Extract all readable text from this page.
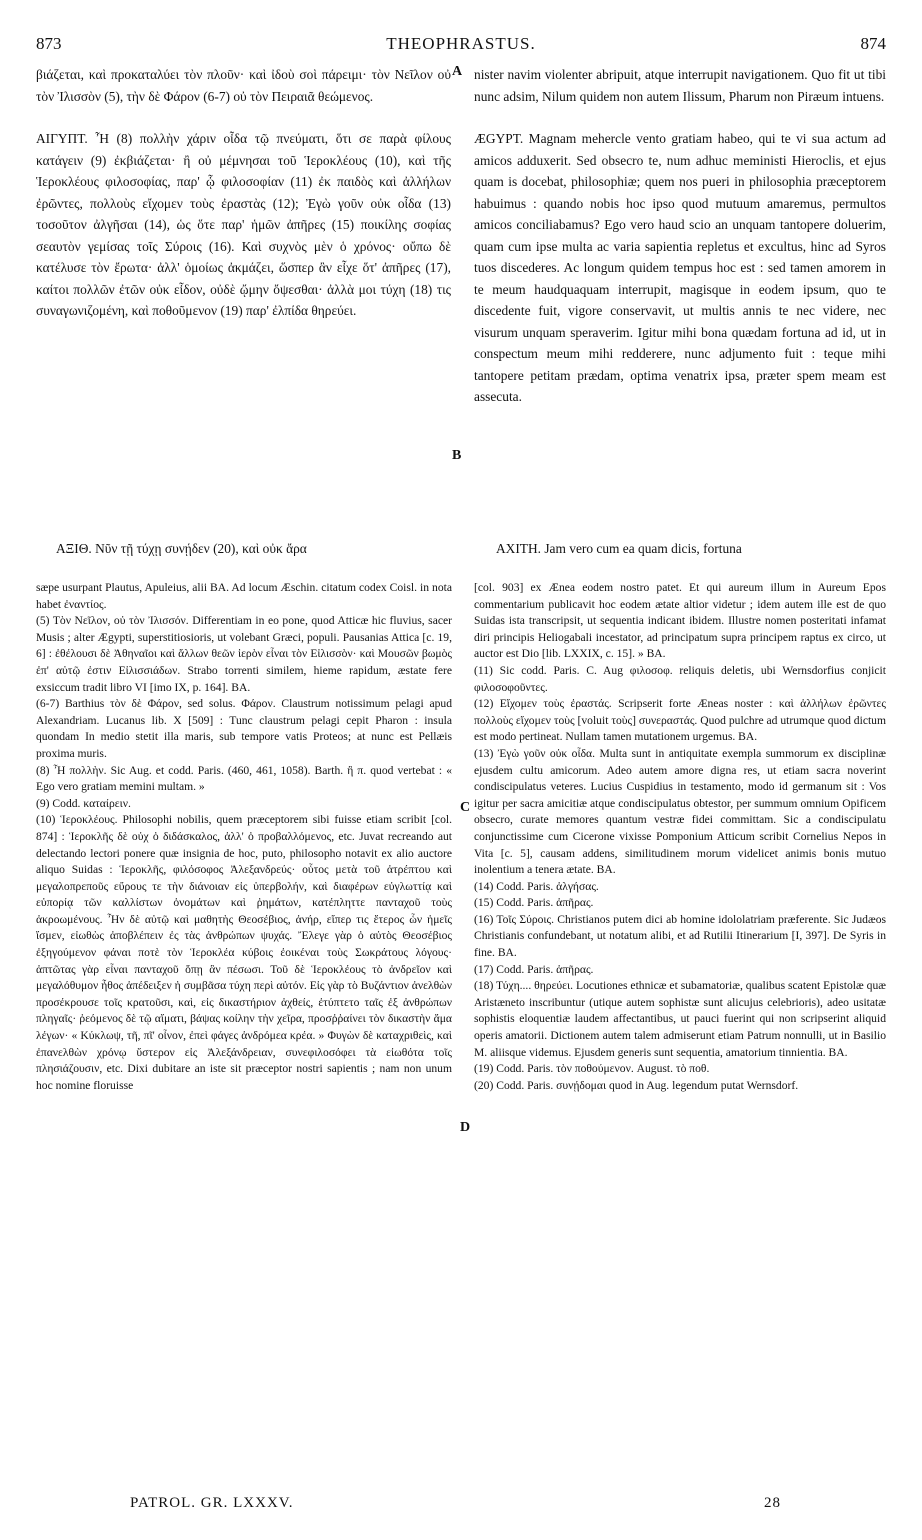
873	THEOPHRASTUS.	874

βιάζεται, καὶ προκαταλύει τὸν πλοῦν· καὶ ἰδοὺ σοὶ πάρειμι· τὸν Νεῖλον οὐ τὸν Ἰλισσὸν (5), τὴν δὲ Φάρον (6-7) οὐ τὸν Πειραιᾶ θεώμενος.

ΑΙΓΥΠΤ. Ἦ (8) πολλὴν χάριν οἶδα τῷ πνεύματι, ὅτι σε παρὰ φίλους κατάγειν (9) ἐκβιάζεται· ἢ οὐ μέμνησαι τοῦ Ἱεροκλέους (10), καὶ τῆς Ἱεροκλέους φιλοσοφίας, παρ' ᾧ φιλοσοφίαν (11) ἐκ παιδὸς καὶ ἀλλήλων ἐρῶντες, πολλοὺς εἴχομεν τοὺς ἐραστὰς (12); Ἐγὼ γοῦν οὐκ οἶδα (13) τοσοῦτον ἀλγῆσαι (14), ὡς ὅτε παρ' ἡμῶν ἀπῆρες (15) ποικίλης σοφίας σεαυτὸν γεμίσας τοῖς Σύροις (16). Καὶ συχνὸς μὲν ὁ χρόνος· οὔπω δὲ κατέλυσε τὸν ἔρωτα· ἀλλ' ὁμοίως ἀκμάζει, ὥσπερ ἂν εἶχε ὅτ' ἀπῆρες (17), καίτοι πολλῶν ἐτῶν οὐκ εἶδον, οὐδὲ ᾤμην ὄψεσθαι· ἀλλὰ μοι τύχη (18) τις συναγωνιζομένη, καὶ ποθοῦμενον (19) παρ' ἐλπίδα θηρεύει.

nister navim violenter abripuit, atque interrupit navigationem. Quo fit ut tibi nunc adsim, Nilum quidem non autem Ilissum, Pharum non Piræum intuens.

ÆGYPT. Magnam mehercle vento gratiam habeo, qui te vi sua actum ad amicos adduxerit. Sed obsecro te, num adhuc meministi Hieroclis, et ejus quam is docebat, philosophiæ; quem nos pueri in philosophia præceptorem habuimus : quando nobis hoc ipso quod mutuum amaremus, permultos amicos conciliabamus? Ego vero haud scio an unquam tantopere doluerim, quam cum ipse multa ac varia sapientia repletus et excultus, hinc ad Syros tuos discederes. Ac longum quidem tempus hoc est : sed tamen amorem in te meum haudquaquam interrupit, magisque in eodem ipsum, quo te discedente fuit, vigore conservavit, ut multis annis te nec videre, nec visurum unquam speraverim. Igitur mihi bona quædam fortuna ad id, ut in conspectum meum mihi redderere, nunc adjumento fuit : teque mihi tantopere petitam prædam, optima venatrix ipsa, præter spem meam est assecuta.

ΑΞΙΘ. Νῦν τῇ τύχῃ συνῄδεν (20), καὶ οὐκ ἄρα	AXITH. Jam vero cum ea quam dicis, fortuna

A
B
C
D

sæpe usurpant Plautus, Apuleius, alii BA. Ad locum Æschin. citatum codex Coisl. in nota habet ἐναντίος.

(5) Τὸν Νεῖλον, οὐ τὸν Ἰλισσόν. Differentiam in eo pone, quod Atticæ hic fluvius, sacer Musis ; alter Ægypti, superstitiosioris, ut volebant Græci, populi. Pausanias Attica [c. 19, 6] : ἐθέλουσι δὲ Ἀθηναῖοι καὶ ἄλλων θεῶν ἱερὸν εἶναι τὸν Εἰλισσὸν· καὶ Μουσῶν βωμὸς ἐπ' αὐτῷ ἐστιν Εἰλισσιάδων. Strabo torrenti similem, hieme rapidum, æstate fere exsiccum tradit libro VI [imo IX, p. 164]. BA.

(6-7) Barthius τὸν δὲ Φάρον, sed solus. Φάρον. Claustrum notissimum pelagi apud Alexandriam. Lucanus lib. X [509] : Tunc claustrum pelagi cepit Pharon : insula quondam In medio stetit illa maris, sub tempore vatis Proteos; at nunc est Pellæis proxima muris.

(8) Ἦ πολλὴν. Sic Aug. et codd. Paris. (460, 461, 1058). Barth. ἢ π. quod vertebat : « Ego vero gratiam memini multam. »

(9) Codd. καταίρειν.

(10) Ἱεροκλέους. Philosophi nobilis, quem præceptorem sibi fuisse etiam scribit [col. 874] : Ἱεροκλῆς δὲ οὐχ ὁ διδάσκαλος, ἀλλ' ὁ προβαλλόμενος, etc. Juvat recreando aut delectando lectori ponere quæ insignia de hoc, puto, philosopho notavit ex alio auctore aliquo Suidas : Ἱεροκλῆς, φιλόσοφος Ἀλεξανδρεύς· οὗτος μετὰ τοῦ ἀτρέπτου καὶ μεγαλοπρεποῦς εὔρους τε τὴν διάνοιαν εἰς ὑπερβολήν, καὶ διαφέρων εὐγλωττίᾳ καὶ εὐπορίᾳ τῶν καλλίστων ὀνομάτων καὶ ῥημάτων, κατέπληττε πανταχοῦ τοὺς ἀκροωμένους. Ἦν δὲ αὐτῷ καὶ μαθητὴς Θεοσέβιος, ἀνήρ, εἴπερ τις ἕτερος ὧν ἡμεῖς ἴσμεν, εἰωθὼς ἀποβλέπειν ἐς τὰς ἀνθρώπων ψυχάς. Ἔλεγε γὰρ ὁ αὐτὸς Θεοσέβιος ἐξηγούμενον φάναι ποτὲ τὸν Ἱεροκλέα κύβοις ἐοικέναι τοὺς Σωκράτους λόγους· ἀπτῶτας γὰρ εἶναι πανταχοῦ ὅπῃ ἂν πέσωσι. Τοῦ δὲ Ἱεροκλέους τὸ ἀνδρεῖον καὶ μεγαλόθυμον ἦθος ἀπέδειξεν ἡ συμβᾶσα τύχη περὶ αὐτόν. Εἰς γὰρ τὸ Βυζάντιον ἀνελθὼν προσέκρουσε τοῖς κρατοῦσι, καὶ, εἰς δικαστήριον ἀχθείς, ἐτύπτετο ταῖς ἐξ ἀνθρώπων πληγαῖς· ῥεόμενος δὲ τῷ αἵματι, βάψας κοίλην τὴν χεῖρα, προσῤῥαίνει τὸν δικαστὴν ἅμα λέγων· « Κύκλωψ, τῆ, πῖ' οἶνον, ἐπεὶ φάγες ἀνδρόμεα κρέα. » Φυγὼν δὲ καταχριθεὶς, καὶ ἐπανελθὼν χρόνῳ ὕστερον εἰς Ἀλεξάνδρειαν, συνεφιλοσόφει τὰ εἰωθότα τοῖς πλησιάζουσιν, etc. Dixi dubitare an iste sit præceptor nostri sapientis ; nam non unum hoc nomine floruisse

[col. 903] ex Ænea eodem nostro patet. Et qui aureum illum in Aureum Epos commentarium publicavit hoc eodem ætate altior videtur ; idem autem ille est de quo Suidas ista transcripsit, ut sequentia indicant ibidem. Illustre nomen posteritati infamat diri principis Heliogabali incestator, ad principatum supra principem raptus ex circo, ut auctor est Dio [lib. LXXIX, c. 15]. » BA.

(11) Sic codd. Paris. C. Aug φιλοσοφ. reliquis deletis, ubi Wernsdorfius conjicit φιλοσοφοῦντες.

(12) Εἴχομεν τοὺς ἐραστάς. Scripserit forte Æneas noster : καὶ ἀλλήλων ἐρῶντες πολλοὺς εἴχομεν τοὺς [voluit τοὺς] συνεραστάς. Quod pulchre ad utrumque quod dictum est modo pertineat. Nullam tamen mutationem urgemus. BA.

(13) Ἐγὼ γοῦν οὐκ οἶδα. Multa sunt in antiquitate exempla summorum ex disciplinæ ejusdem cultu amicorum. Adeo autem amore digna res, ut etiam sacra noverint condiscipulatus veteres. Lucius Cuspidius in testamento, modo id germanum sit : Vos igitur per sacra amicitiæ atque condiscipulatus obtestor, per summum omnium Opificem obsecro, curate memores quantum vestræ fidei committam. Sic a condiscipulatu conjunctissime cum Cicerone vixisse Pomponium Atticum scribit Cornelius Nepos in Vita [c. 5], causam addens, similitudinem morum videlicet animis bonis mutuo inolentium a tenera ætate. BA.

(14) Codd. Paris. ἀλγήσας.

(15) Codd. Paris. ἀπῆρας.

(16) Τοῖς Σύροις. Christianos putem dici ab homine idololatriam præferente. Sic Judæos Christianis confundebant, ut notatum alibi, et ad Rutilii Itinerarium [I, 397]. De Syris in fine. BA.

(17) Codd. Paris. ἀπῆρας.

(18) Τύχη.... θηρεύει. Locutiones ethnicæ et subamatoriæ, qualibus scatent Epistolæ quæ Aristæneto inscribuntur (utique autem sophistæ sunt alicujus celebrioris), adeo usitatæ sophistis eloquentiæ laudem affectantibus, ut pauci fuerint qui non scripserint aliquid operis amatorii. Dictionem autem talem admiserunt etiam Patrum nonnulli, ut in Basilio M. aliisque videmus. Ejusdem generis sunt sequentia, amatorium tinnientia. BA.

(19) Codd. Paris. τὸν ποθούμενον. August. τὸ ποθ.

(20) Codd. Paris. συνῄδομαι quod in Aug. legendum putat Wernsdorf.

PATROL. GR. LXXXV.	28
